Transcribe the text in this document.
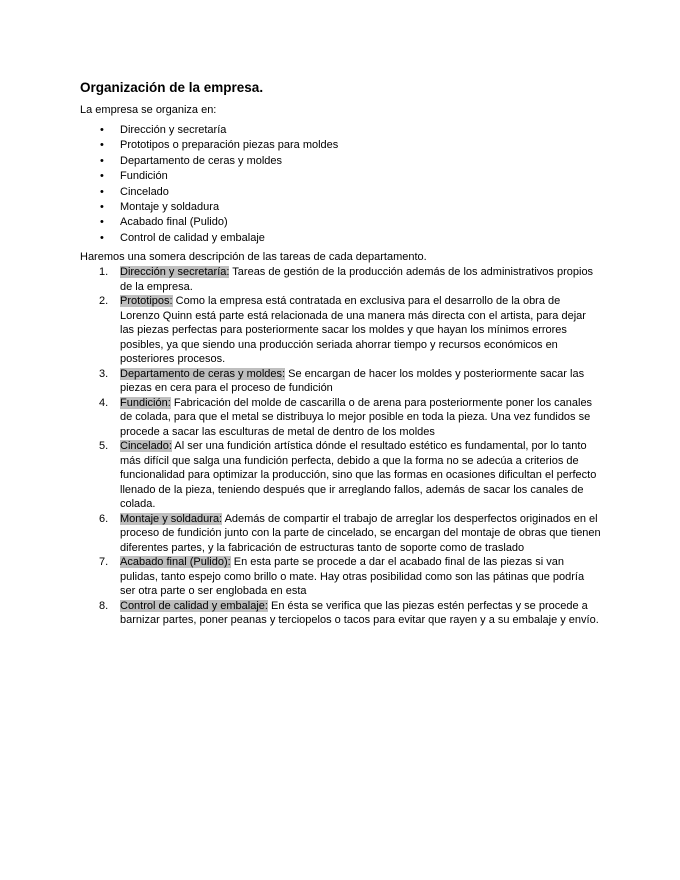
Organización de la empresa.
La empresa se organiza en:
• Dirección y secretaría
• Prototipos o preparación piezas para moldes
• Departamento de ceras y moldes
• Fundición
• Cincelado
• Montaje y soldadura
• Acabado final (Pulido)
• Control de calidad y embalaje
Haremos una somera descripción de las tareas de cada departamento.
1. Dirección y secretaría: Tareas de gestión de la producción además de los administrativos propios de la empresa.
2. Prototipos: Como la empresa está contratada en exclusiva para el desarrollo de la obra de Lorenzo Quinn está parte está relacionada de una manera más directa con el artista, para dejar las piezas perfectas para posteriormente sacar los moldes y que hayan los mínimos errores posibles, ya que siendo una producción seriada ahorrar tiempo y recursos económicos en posteriores procesos.
3. Departamento de ceras y moldes: Se encargan de hacer los moldes y posteriormente sacar las piezas en cera para el proceso de fundición
4. Fundición: Fabricación del molde de cascarilla o de arena para posteriormente poner los canales de colada, para que el metal se distribuya lo mejor posible en toda la pieza. Una vez fundidos se procede a sacar las esculturas de metal de dentro de los moldes
5. Cincelado: Al ser una fundición artística dónde el resultado estético es fundamental, por lo tanto más difícil que salga una fundición perfecta, debido a que la forma no se adecúa a criterios de funcionalidad para optimizar la producción, sino que las formas en ocasiones dificultan el perfecto llenado de la pieza, teniendo después que ir arreglando fallos, además de sacar los canales de colada.
6. Montaje y soldadura: Además de compartir el trabajo de arreglar los desperfectos originados en el proceso de fundición junto con la parte de cincelado, se encargan del montaje de obras que tienen diferentes partes, y la fabricación de estructuras tanto de soporte como de traslado
7. Acabado final (Pulido): En esta parte se procede a dar el acabado final de las piezas si van pulidas, tanto espejo como brillo o mate. Hay otras posibilidad como son las pátinas que podría ser otra parte o ser englobada en esta
8. Control de calidad y embalaje: En ésta se verifica que las piezas estén perfectas y se procede a barnizar partes, poner peanas y terciopelos o tacos para evitar que rayen y a su embalaje y envío.
